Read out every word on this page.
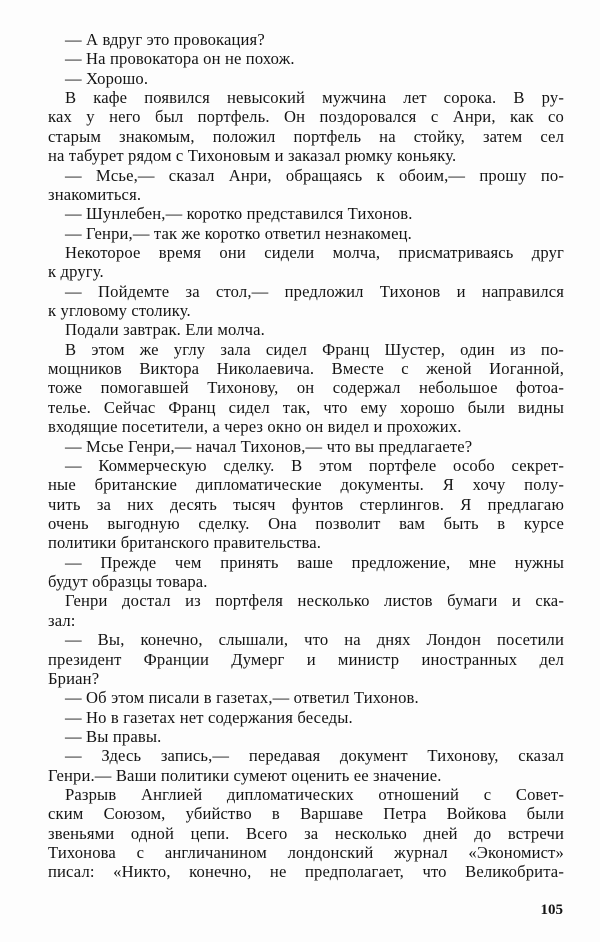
— А вдруг это провокация?
— На провокатора он не похож.
— Хорошо.
В кафе появился невысокий мужчина лет сорока. В ру-
ках у него был портфель. Он поздоровался с Анри, как со
старым знакомым, положил портфель на стойку, затем сел
на табурет рядом с Тихоновым и заказал рюмку коньяку.
— Мсье,— сказал Анри, обращаясь к обоим,— прошу по-
знакомиться.
— Шунлебен,— коротко представился Тихонов.
— Генри,— так же коротко ответил незнакомец.
Некоторое время они сидели молча, присматриваясь друг
к другу.
— Пойдемте за стол,— предложил Тихонов и направился
к угловому столику.
Подали завтрак. Ели молча.
В этом же углу зала сидел Франц Шустер, один из по-
мощников Виктора Николаевича. Вместе с женой Иоганной,
тоже помогавшей Тихонову, он содержал небольшое фотоа-
телье. Сейчас Франц сидел так, что ему хорошо были видны
входящие посетители, а через окно он видел и прохожих.
— Мсье Генри,— начал Тихонов,— что вы предлагаете?
— Коммерческую сделку. В этом портфеле особо секрет-
ные британские дипломатические документы. Я хочу полу-
чить за них десять тысяч фунтов стерлингов. Я предлагаю
очень выгодную сделку. Она позволит вам быть в курсе
политики британского правительства.
— Прежде чем принять ваше предложение, мне нужны
будут образцы товара.
Генри достал из портфеля несколько листов бумаги и ска-
зал:
— Вы, конечно, слышали, что на днях Лондон посетили
президент Франции Думерг и министр иностранных дел
Бриан?
— Об этом писали в газетах,— ответил Тихонов.
— Но в газетах нет содержания беседы.
— Вы правы.
— Здесь запись,— передавая документ Тихонову, сказал
Генри.— Ваши политики сумеют оценить ее значение.
Разрыв Англией дипломатических отношений с Совет-
ским Союзом, убийство в Варшаве Петра Войкова были
звеньями одной цепи. Всего за несколько дней до встречи
Тихонова с англичанином лондонский журнал «Экономист»
писал: «Никто, конечно, не предполагает, что Великобрита-
105
